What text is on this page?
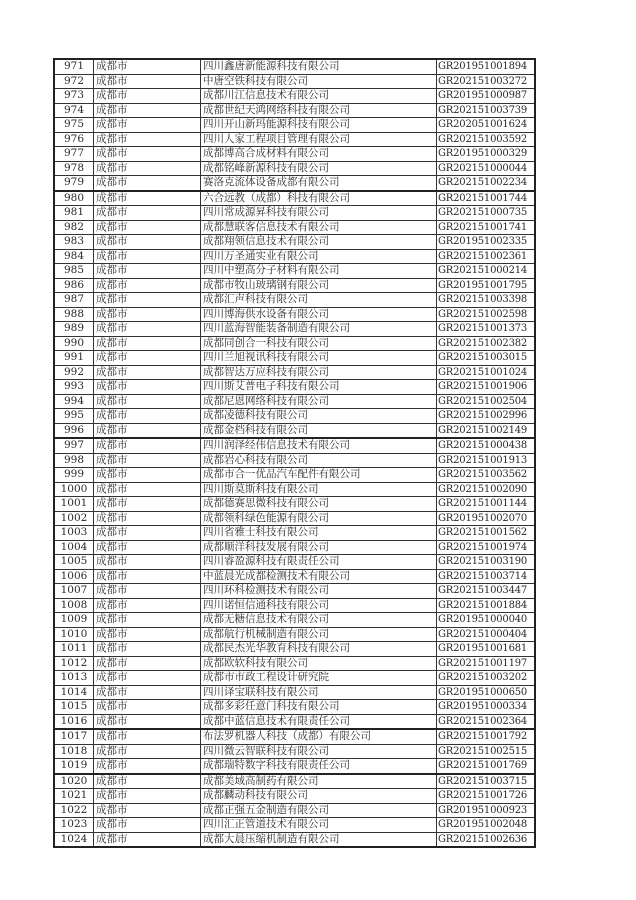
971	成都市	四川鑫唐新能源科技有限公司	GR201951001894
972	成都市	中唐空铁科技有限公司	GR202151003272
973	成都市	成都川江信息技术有限公司	GR201951000987
974	成都市	成都世纪天鸿网络科技有限公司	GR202151003739
975	成都市	四川开山新玛能源科技有限公司	GR202051001624
976	成都市	四川人家工程项目管理有限公司	GR202151003592
977	成都市	成都博高合成材料有限公司	GR201951000329
978	成都市	成都铭峰新源科技有限公司	GR202151000044
979	成都市	赛洛克流体设备成都有限公司	GR202151002234
980	成都市	六合远教（成都）科技有限公司	GR202151001744
981	成都市	四川常成源昇科技有限公司	GR202151000735
982	成都市	成都慧联客信息技术有限公司	GR202151001741
983	成都市	成都翔领信息技术有限公司	GR201951002335
984	成都市	四川万圣通实业有限公司	GR202151002361
985	成都市	四川中塑高分子材料有限公司	GR202151000214
986	成都市	成都市牧山玻璃钢有限公司	GR201951001795
987	成都市	成都汇声科技有限公司	GR202151003398
988	成都市	四川博海供水设备有限公司	GR202151002598
989	成都市	四川蓝海智能装备制造有限公司	GR202151001373
990	成都市	成都同创合一科技有限公司	GR202151002382
991	成都市	四川兰旭视讯科技有限公司	GR202151003015
992	成都市	成都智达万应科技有限公司	GR202151001024
993	成都市	四川斯艾普电子科技有限公司	GR202151001906
994	成都市	成都尼恩网络科技有限公司	GR202151002504
995	成都市	成都凌德科技有限公司	GR202151002996
996	成都市	成都金档科技有限公司	GR202151002149
997	成都市	四川润泽经伟信息技术有限公司	GR202151000438
998	成都市	成都岩心科技有限公司	GR202151001913
999	成都市	成都市合一优品汽车配件有限公司	GR202151003562
1000	成都市	四川斯莫斯科技有限公司	GR202151002090
1001	成都市	成都德赛思微科技有限公司	GR202151001144
1002	成都市	成都领科绿色能源有限公司	GR201951002070
1003	成都市	四川省雅士科技有限公司	GR202151001562
1004	成都市	成都顺洋科技发展有限公司	GR202151001974
1005	成都市	四川睿盈源科技有限责任公司	GR202151003190
1006	成都市	中蓝晨光成都检测技术有限公司	GR202151003714
1007	成都市	四川环科检测技术有限公司	GR202151003447
1008	成都市	四川诺恒信通科技有限公司	GR202151001884
1009	成都市	成都无糖信息技术有限公司	GR201951000040
1010	成都市	成都航行机械制造有限公司	GR202151000404
1011	成都市	成都民杰光华教育科技有限公司	GR201951001681
1012	成都市	成都欧软科技有限公司	GR202151001197
1013	成都市	成都市市政工程设计研究院	GR202151003202
1014	成都市	四川译宝联科技有限公司	GR201951000650
1015	成都市	成都多彩任意门科技有限公司	GR201951000334
1016	成都市	成都中蓝信息技术有限责任公司	GR202151002364
1017	成都市	布法罗机器人科技（成都）有限公司	GR202151001792
1018	成都市	四川微云智联科技有限公司	GR202151002515
1019	成都市	成都瑞特数字科技有限责任公司	GR202151001769
1020	成都市	成都美域高制药有限公司	GR202151003715
1021	成都市	成都麟动科技有限公司	GR202151001726
1022	成都市	成都正强五金制造有限公司	GR201951000923
1023	成都市	四川汇正管道技术有限公司	GR201951002048
1024	成都市	成都大晨压缩机制造有限公司	GR202151002636
